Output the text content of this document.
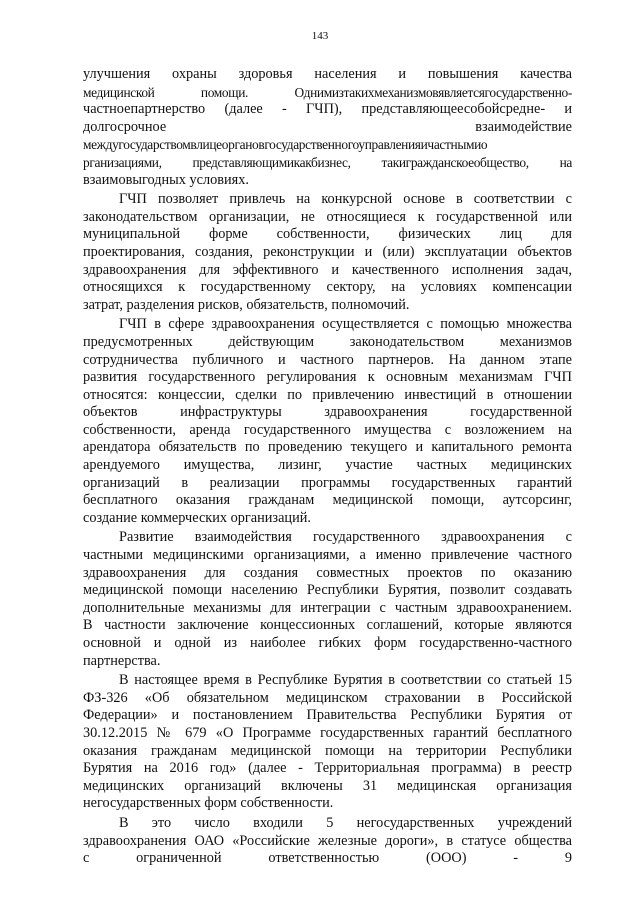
143
улучшения охраны здоровья населения и повышения качества
медицинской помощи. Однимизтакихмеханизмовявляетсягосударственно-
частноепартнерство (далее - ГЧП), представляющеесобойсредне- и
долгосрочное взаимодействие
междугосударствомвлицеоргановгосударственногоуправленияичастнымио
рганизациями, представляющимикакбизнес, такигражданскоеобщество, на
взаимовыгодных условиях.
ГЧП позволяет привлечь на конкурсной основе в соответствии с
законодательством организации, не относящиеся к государственной или
муниципальной форме собственности, физических лиц для
проектирования, создания, реконструкции и (или) эксплуатации объектов
здравоохранения для эффективного и качественного исполнения задач,
относящихся к государственному сектору, на условиях компенсации
затрат, разделения рисков, обязательств, полномочий.
ГЧП в сфере здравоохранения осуществляется с помощью множества
предусмотренных действующим законодательством механизмов
сотрудничества публичного и частного партнеров. На данном этапе
развития государственного регулирования к основным механизмам ГЧП
относятся: концессии, сделки по привлечению инвестиций в отношении
объектов инфраструктуры здравоохранения государственной
собственности, аренда государственного имущества с возложением на
арендатора обязательств по проведению текущего и капитального ремонта
арендуемого имущества, лизинг, участие частных медицинских
организаций в реализации программы государственных гарантий
бесплатного оказания гражданам медицинской помощи, аутсорсинг,
создание коммерческих организаций.
Развитие взаимодействия государственного здравоохранения с
частными медицинскими организациями, а именно привлечение частного
здравоохранения для создания совместных проектов по оказанию
медицинской помощи населению Республики Бурятия, позволит создавать
дополнительные механизмы для интеграции с частным здравоохранением.
В частности заключение концессионных соглашений, которые являются
основной и одной из наиболее гибких форм государственно-частного
партнерства.
В настоящее время в Республике Бурятия в соответствии со статьей 15
ФЗ-326 «Об обязательном медицинском страховании в Российской
Федерации» и постановлением Правительства Республики Бурятия от
30.12.2015 № 679 «О Программе государственных гарантий бесплатного
оказания гражданам медицинской помощи на территории Республики
Бурятия на 2016 год» (далее - Территориальная программа) в реестр
медицинских организаций включены 31 медицинская организация
негосударственных форм собственности.
В это число входили 5 негосударственных учреждений
здравоохранения ОАО «Российские железные дороги», в статусе общества
с ограниченной ответственностью (ООО) - 9
